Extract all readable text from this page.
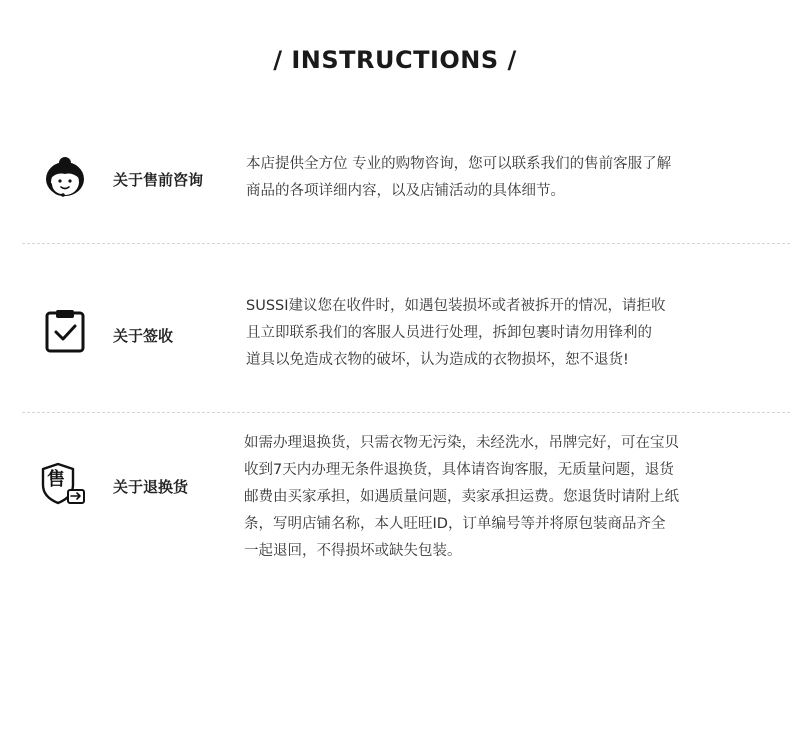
/ INSTRUCTIONS /
关于售前咨询
本店提供全方位 专业的购物咨询，您可以联系我们的售前客服了解
商品的各项详细内容，以及店铺活动的具体细节。
关于签收
SUSSI建议您在收件时，如遇包装损坏或者被拆开的情况，请拒收
且立即联系我们的客服人员进行处理，拆卸包裹时请勿用锋利的
道具以免造成衣物的破坏，认为造成的衣物损坏，恕不退货!
售	关于退换货
如需办理退换货，只需衣物无污染，未经洗水，吊牌完好，可在宝贝
收到7天内办理无条件退换货，具体请咨询客服，无质量问题，退货
邮费由买家承担，如遇质量问题，卖家承担运费。您退货时请附上纸
条，写明店铺名称，本人旺旺ID，订单编号等并将原包装商品齐全
一起退回，不得损坏或缺失包装。
